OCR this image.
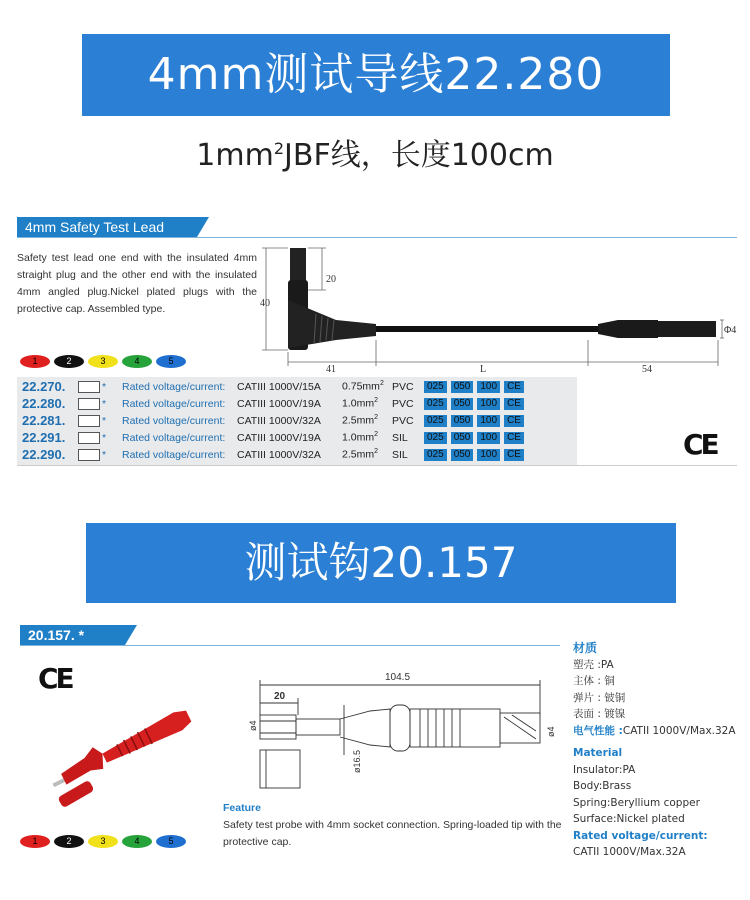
4mm测试导线22.280
$1mm^2JBF$线，长度100cm
4mm Safety Test Lead
Safety test lead one end with the insulated 4mm straight plug and the other end with the insulated 4mm angled plug.Nickel plated plugs with the protective cap. Assembled type.	40
20
41	L	54
Φ4
1	2	3	4	5
22.270.	*	Rated voltage/current:	CATIII 1000V/15A	$0.75mm^2$ PVC	025	050	100	CE
22.280.	*	Rated voltage/current:	CATIII 1000V/19A	$1.0mm^2$	PVC	025	050	100	CE
22.281.	*	Rated voltage/current:	CATIII 1000V/32A	$2.5mm^2$	PVC	025	050	100	CE
22.291.	*	Rated voltage/current:	CATIII 1000V/19A	$1.0mm^2$	SIL	025	050	100	CE
22.290.	*	Rated voltage/current:	CATIII 1000V/32A	$2.5mm^2$	SIL	025	050	100	CE	CE
测试钩20.157
20.157. *
CE	104.5
20
ø4
ø16.5
ø4
1	2	3	4	5
Feature
Safety test probe with 4mm socket connection. Spring-loaded tip with the protective cap.
材质
塑壳 :PA
主体 : 铜
弹片 : 铍铜
表面 : 镀镍
电气性能 :CATII 1000V/Max.32A
Material
Insulator:PA
Body:Brass
Spring:Beryllium copper
Surface:Nickel plated
Rated voltage/current:
CATII 1000V/Max.32A
